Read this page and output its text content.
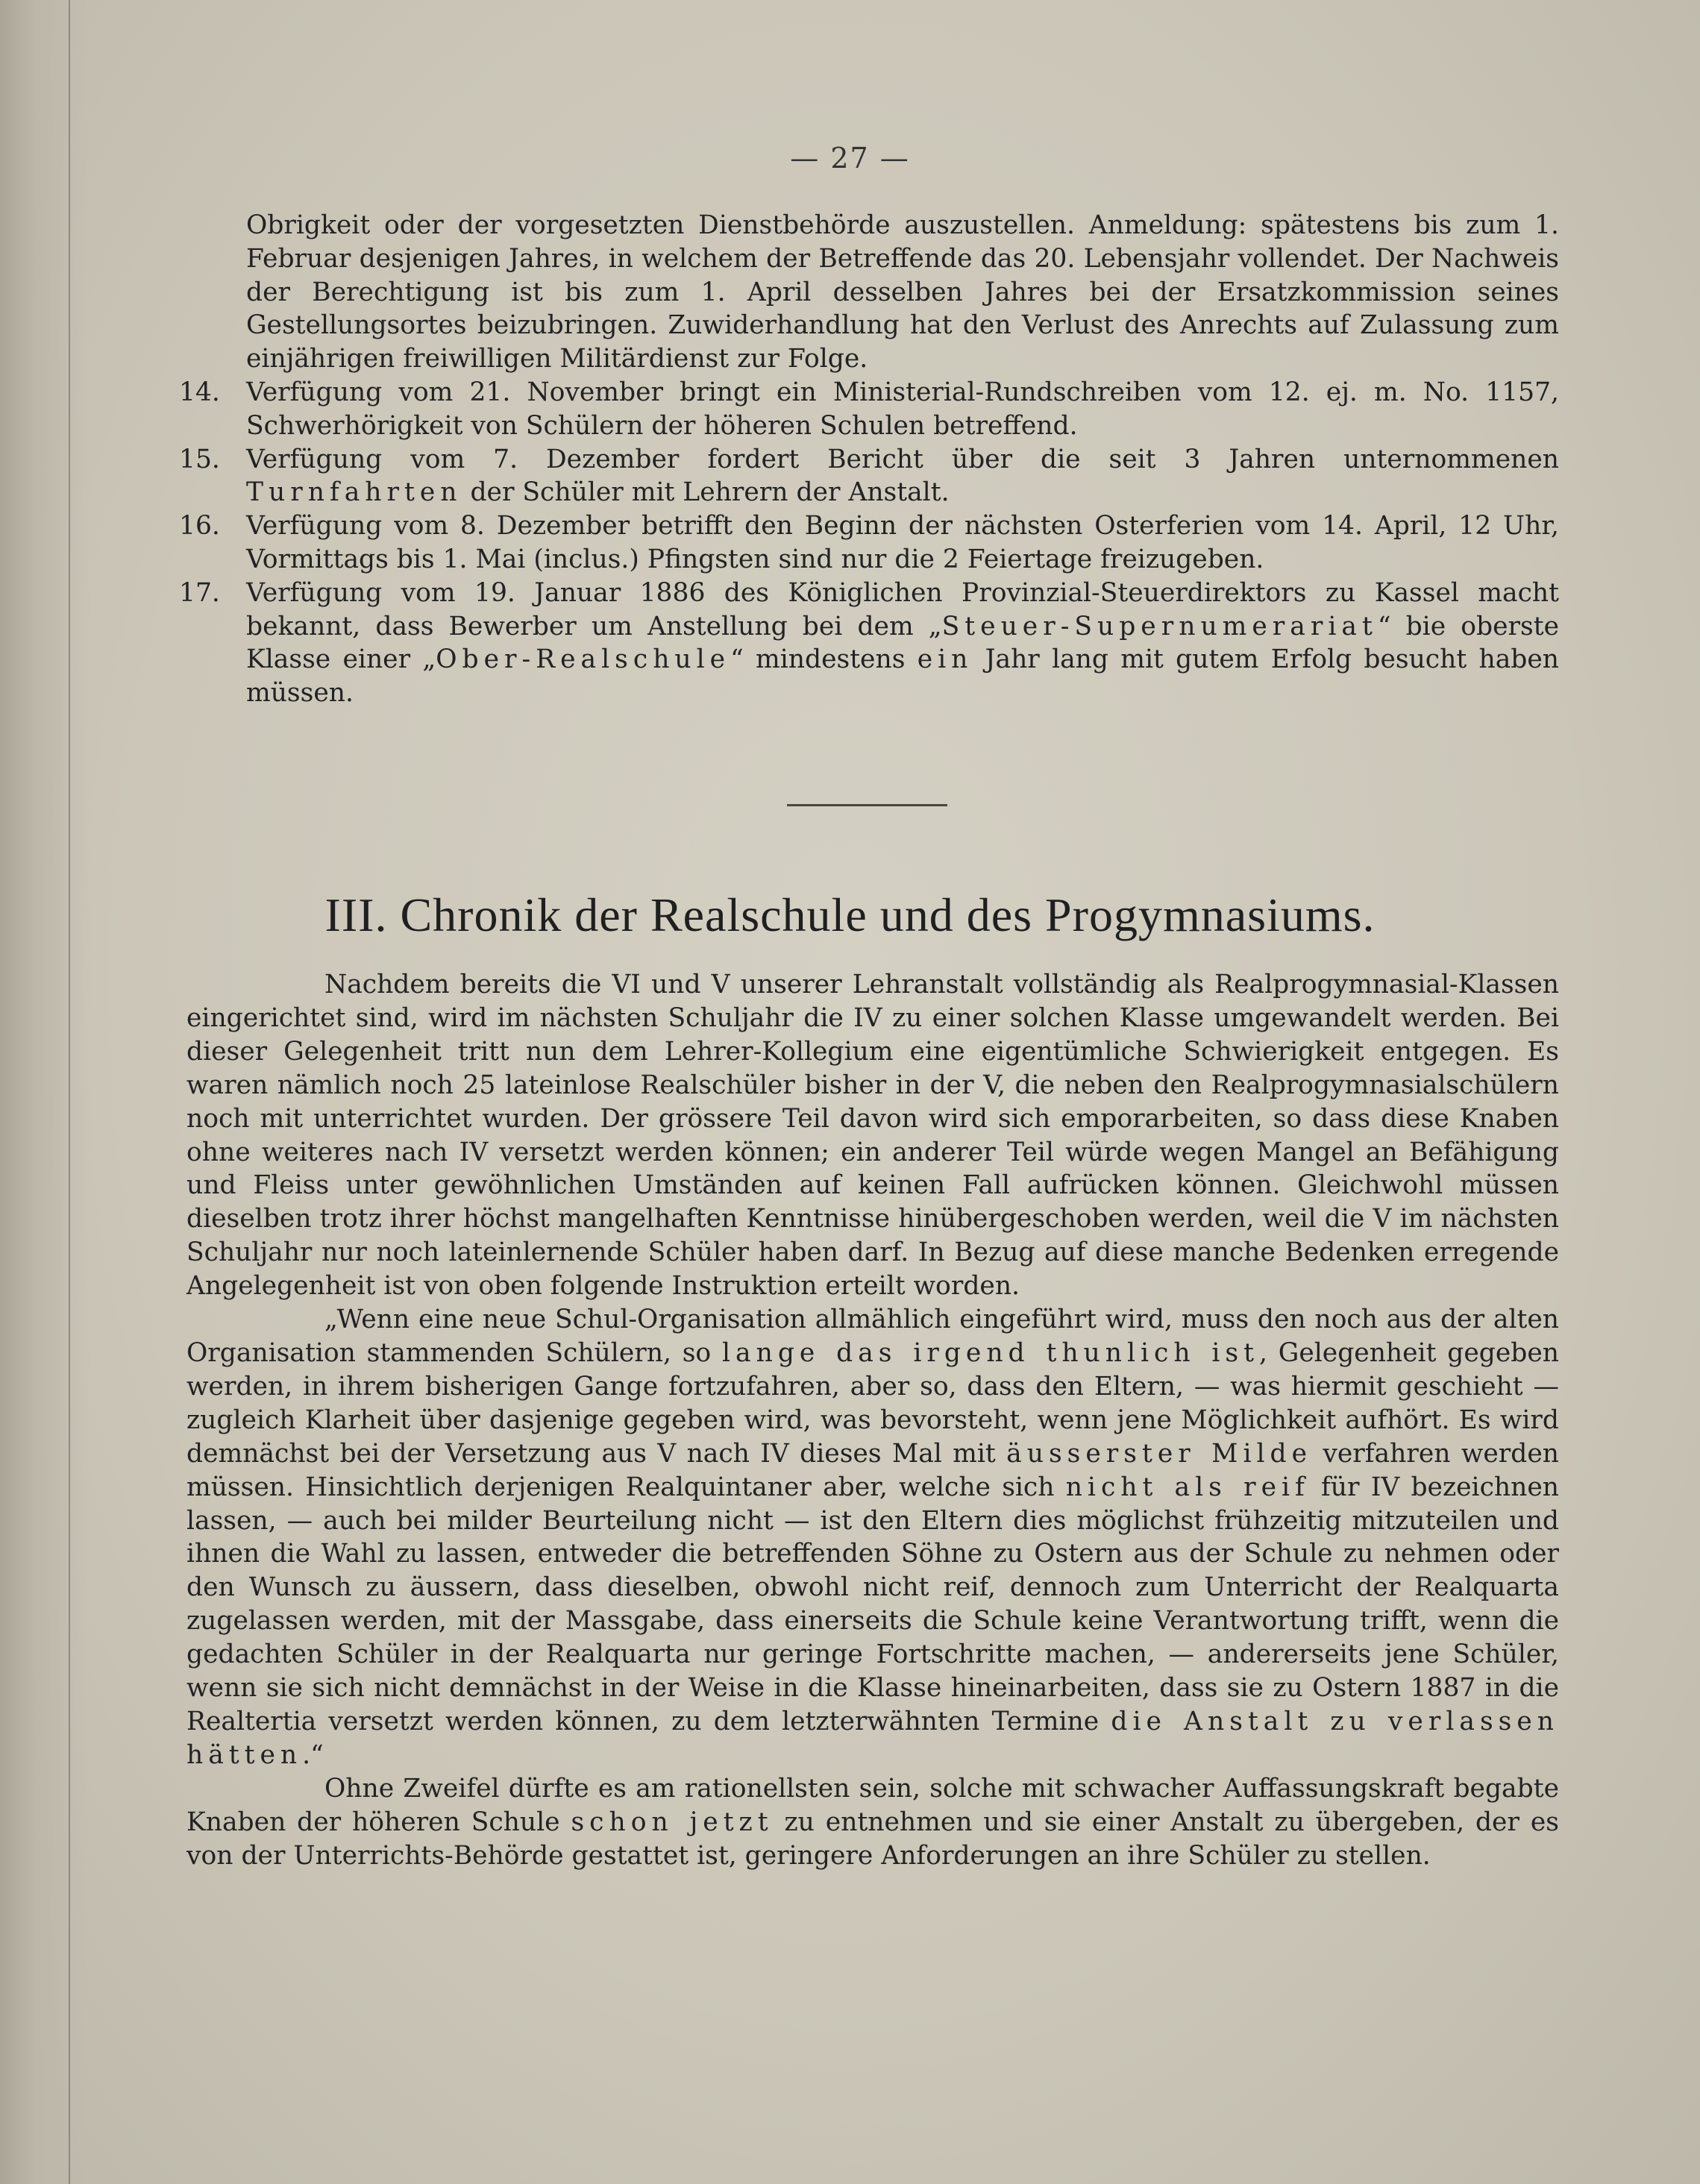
— 27 —
Obrigkeit oder der vorgesetzten Dienstbehörde auszustellen. Anmeldung: spätestens bis zum 1. Februar desjenigen Jahres, in welchem der Betreffende das 20. Lebensjahr vollendet. Der Nachweis der Berechtigung ist bis zum 1. April desselben Jahres bei der Ersatzkommission seines Gestellungsortes beizubringen. Zuwiderhandlung hat den Verlust des Anrechts auf Zulassung zum einjährigen freiwilligen Militärdienst zur Folge.
14. Verfügung vom 21. November bringt ein Ministerial-Rundschreiben vom 12. ej. m. No. 1157, Schwerhörigkeit von Schülern der höheren Schulen betreffend.
15. Verfügung vom 7. Dezember fordert Bericht über die seit 3 Jahren unternommenen Turnfahrten der Schüler mit Lehrern der Anstalt.
16. Verfügung vom 8. Dezember betrifft den Beginn der nächsten Osterferien vom 14. April, 12 Uhr, Vormittags bis 1. Mai (inclus.) Pfingsten sind nur die 2 Feiertage freizugeben.
17. Verfügung vom 19. Januar 1886 des Königlichen Provinzial-Steuerdirektors zu Kassel macht bekannt, dass Bewerber um Anstellung bei dem „Steuer-Supernumerariat“ bie oberste Klasse einer „Ober-Realschule“ mindestens ein Jahr lang mit gutem Erfolg besucht haben müssen.
III. Chronik der Realschule und des Progymnasiums.

Nachdem bereits die VI und V unserer Lehranstalt vollständig als Realprogymnasial-Klassen eingerichtet sind, wird im nächsten Schuljahr die IV zu einer solchen Klasse umgewandelt werden. Bei dieser Gelegenheit tritt nun dem Lehrer-Kollegium eine eigentümliche Schwierigkeit entgegen. Es waren nämlich noch 25 lateinlose Realschüler bisher in der V, die neben den Realprogymnasialschülern noch mit unterrichtet wurden. Der grössere Teil davon wird sich emporarbeiten, so dass diese Knaben ohne weiteres nach IV versetzt werden können; ein anderer Teil würde wegen Mangel an Befähigung und Fleiss unter gewöhnlichen Umständen auf keinen Fall aufrücken können. Gleichwohl müssen dieselben trotz ihrer höchst mangelhaften Kenntnisse hinübergeschoben werden, weil die V im nächsten Schuljahr nur noch lateinlernende Schüler haben darf. In Bezug auf diese manche Bedenken erregende Angelegenheit ist von oben folgende Instruktion erteilt worden.

„Wenn eine neue Schul-Organisation allmählich eingeführt wird, muss den noch aus der alten Organisation stammenden Schülern, so lange das irgend thunlich ist, Gelegenheit gegeben werden, in ihrem bisherigen Gange fortzufahren, aber so, dass den Eltern, — was hiermit geschieht — zugleich Klarheit über dasjenige gegeben wird, was bevorsteht, wenn jene Möglichkeit aufhört. Es wird demnächst bei der Versetzung aus V nach IV dieses Mal mit äusserster Milde verfahren werden müssen. Hinsichtlich derjenigen Realquintaner aber, welche sich nicht als reif für IV bezeichnen lassen, — auch bei milder Beurteilung nicht — ist den Eltern dies möglichst frühzeitig mitzuteilen und ihnen die Wahl zu lassen, entweder die betreffenden Söhne zu Ostern aus der Schule zu nehmen oder den Wunsch zu äussern, dass dieselben, obwohl nicht reif, dennoch zum Unterricht der Realquarta zugelassen werden, mit der Massgabe, dass einerseits die Schule keine Verantwortung trifft, wenn die gedachten Schüler in der Realquarta nur geringe Fortschritte machen, — andererseits jene Schüler, wenn sie sich nicht demnächst in der Weise in die Klasse hineinarbeiten, dass sie zu Ostern 1887 in die Realtertia versetzt werden können, zu dem letzterwähnten Termine die Anstalt zu verlassen hätten.“

Ohne Zweifel dürfte es am rationellsten sein, solche mit schwacher Auffassungskraft begabte Knaben der höheren Schule schon jetzt zu entnehmen und sie einer Anstalt zu übergeben, der es von der Unterrichts-Behörde gestattet ist, geringere Anforderungen an ihre Schüler zu stellen.
